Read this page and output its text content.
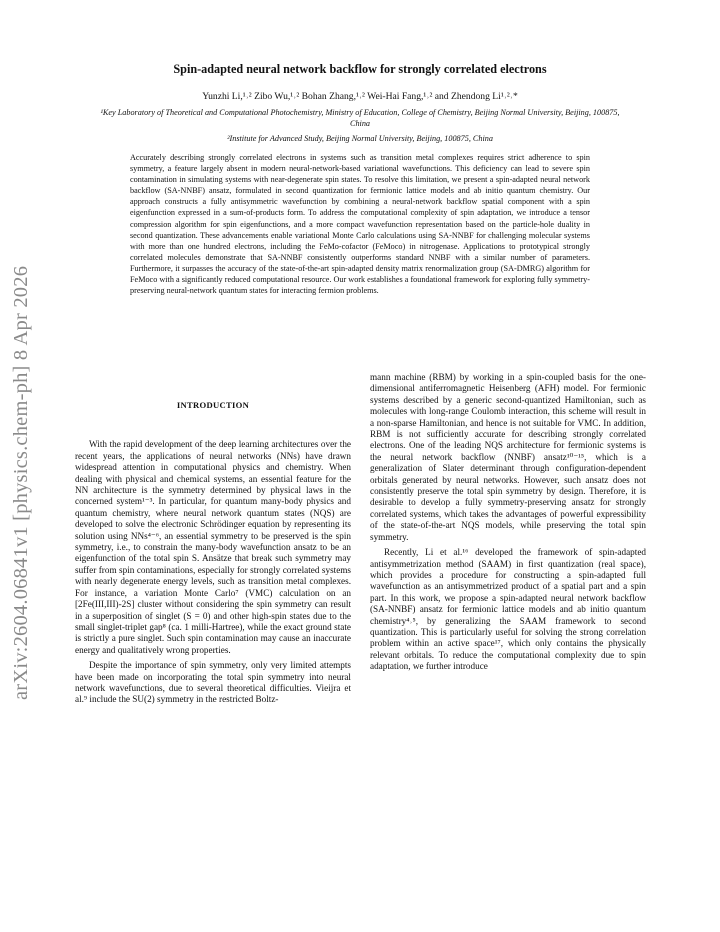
arXiv:2604.06841v1 [physics.chem-ph] 8 Apr 2026
Spin-adapted neural network backflow for strongly correlated electrons

Yunzhi Li,¹˒² Zibo Wu,¹˒² Bohan Zhang,¹˒² Wei-Hai Fang,¹˒² and Zhendong Li¹˒²˒*

¹Key Laboratory of Theoretical and Computational Photochemistry, Ministry of Education, College of Chemistry, Beijing Normal University, Beijing, 100875, China

²Institute for Advanced Study, Beijing Normal University, Beijing, 100875, China

Accurately describing strongly correlated electrons in systems such as transition metal complexes requires strict adherence to spin symmetry, a feature largely absent in modern neural-network-based variational wavefunctions. This deficiency can lead to severe spin contamination in simulating systems with near-degenerate spin states. To resolve this limitation, we present a spin-adapted neural network backflow (SA-NNBF) ansatz, formulated in second quantization for fermionic lattice models and ab initio quantum chemistry. Our approach constructs a fully antisymmetric wavefunction by combining a neural-network backflow spatial component with a spin eigenfunction expressed in a sum-of-products form. To address the computational complexity of spin adaptation, we introduce a tensor compression algorithm for spin eigenfunctions, and a more compact wavefunction representation based on the particle-hole duality in second quantization. These advancements enable variational Monte Carlo calculations using SA-NNBF for challenging molecular systems with more than one hundred electrons, including the FeMo-cofactor (FeMoco) in nitrogenase. Applications to prototypical strongly correlated molecules demonstrate that SA-NNBF consistently outperforms standard NNBF with a similar number of parameters. Furthermore, it surpasses the accuracy of the state-of-the-art spin-adapted density matrix renormalization group (SA-DMRG) algorithm for FeMoco with a significantly reduced computational resource. Our work establishes a foundational framework for exploring fully symmetry-preserving neural-network quantum states for interacting fermion problems.

INTRODUCTION

With the rapid development of the deep learning architectures over the recent years, the applications of neural networks (NNs) have drawn widespread attention in computational physics and chemistry. When dealing with physical and chemical systems, an essential feature for the NN architecture is the symmetry determined by physical laws in the concerned system¹⁻³. In particular, for quantum many-body physics and quantum chemistry, where neural network quantum states (NQS) are developed to solve the electronic Schrödinger equation by representing its solution using NNs⁴⁻⁶, an essential symmetry to be preserved is the spin symmetry, i.e., to constrain the many-body wavefunction ansatz to be an eigenfunction of the total spin S. Ansätze that break such symmetry may suffer from spin contaminations, especially for strongly correlated systems with nearly degenerate energy levels, such as transition metal complexes. For instance, a variation Monte Carlo⁷ (VMC) calculation on an [2Fe(III,III)-2S] cluster without considering the spin symmetry can result in a superposition of singlet (S = 0) and other high-spin states due to the small singlet-triplet gap⁸ (ca. 1 milli-Hartree), while the exact ground state is strictly a pure singlet. Such spin contamination may cause an inaccurate energy and qualitatively wrong properties.

Despite the importance of spin symmetry, only very limited attempts have been made on incorporating the total spin symmetry into neural network wavefunctions, due to several theoretical difficulties. Vieijra et al.⁹ include the SU(2) symmetry in the restricted Boltz-

mann machine (RBM) by working in a spin-coupled basis for the one-dimensional antiferromagnetic Heisenberg (AFH) model. For fermionic systems described by a generic second-quantized Hamiltonian, such as molecules with long-range Coulomb interaction, this scheme will result in a non-sparse Hamiltonian, and hence is not suitable for VMC. In addition, RBM is not sufficiently accurate for describing strongly correlated electrons. One of the leading NQS architecture for fermionic systems is the neural network backflow (NNBF) ansatz¹⁰⁻¹⁵, which is a generalization of Slater determinant through configuration-dependent orbitals generated by neural networks. However, such ansatz does not consistently preserve the total spin symmetry by design. Therefore, it is desirable to develop a fully symmetry-preserving ansatz for strongly correlated systems, which takes the advantages of powerful expressibility of the state-of-the-art NQS models, while preserving the total spin symmetry.

Recently, Li et al.¹⁶ developed the framework of spin-adapted antisymmetrization method (SAAM) in first quantization (real space), which provides a procedure for constructing a spin-adapted full wavefunction as an antisymmetrized product of a spatial part and a spin part. In this work, we propose a spin-adapted neural network backflow (SA-NNBF) ansatz for fermionic lattice models and ab initio quantum chemistry⁴˒⁵, by generalizing the SAAM framework to second quantization. This is particularly useful for solving the strong correlation problem within an active space¹⁷, which only contains the physically relevant orbitals. To reduce the computational complexity due to spin adaptation, we further introduce
